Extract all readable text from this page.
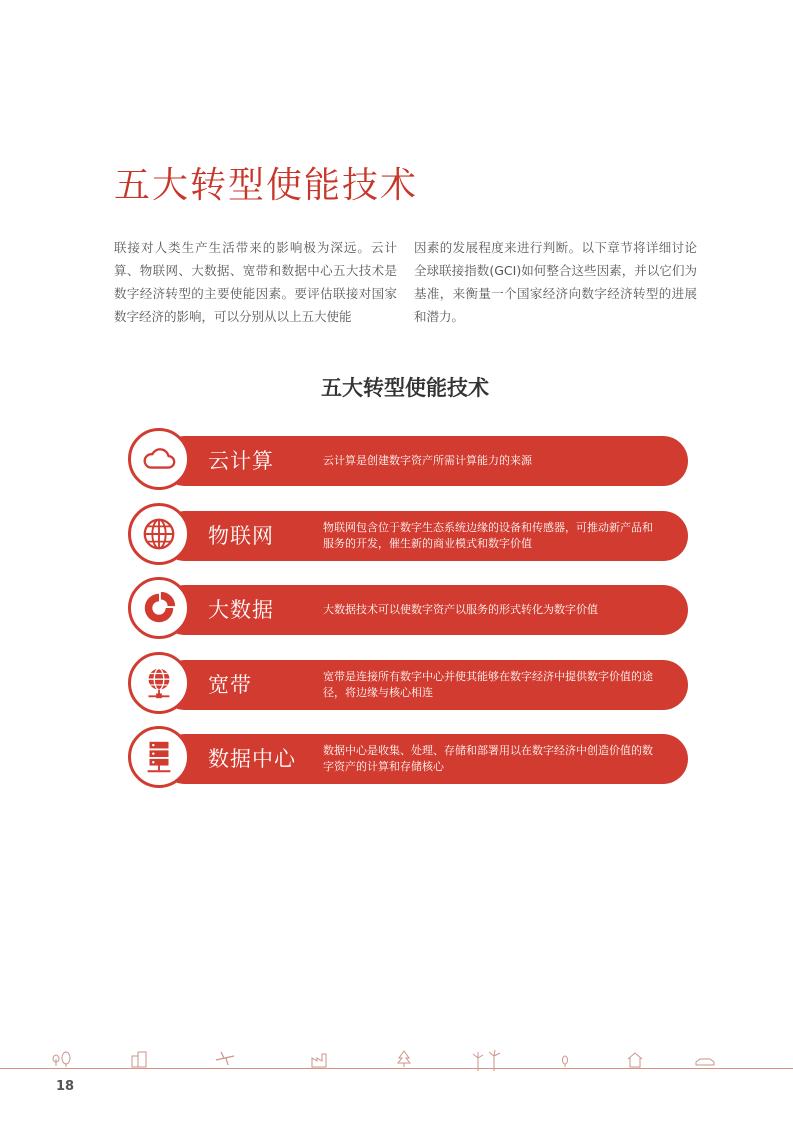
五大转型使能技术

联接对人类生产生活带来的影响极为深远。云计算、物联网、大数据、宽带和数据中心五大技术是数字经济转型的主要使能因素。要评估联接对国家数字经济的影响，可以分别从以上五大使能

因素的发展程度来进行判断。以下章节将详细讨论全球联接指数(GCI)如何整合这些因素，并以它们为基准，来衡量一个国家经济向数字经济转型的进展和潜力。

五大转型使能技术
云计算	云计算是创建数字资产所需计算能力的来源
物联网	物联网包含位于数字生态系统边缘的设备和传感器，可推动新产品和服务的开发，催生新的商业模式和数字价值
大数据	大数据技术可以使数字资产以服务的形式转化为数字价值
宽带	宽带是连接所有数字中心并使其能够在数字经济中提供数字价值的途径，将边缘与核心相连
数据中心 数据中心是收集、处理、存储和部署用以在数字经济中创造价值的数字资产的计算和存储核心
18
